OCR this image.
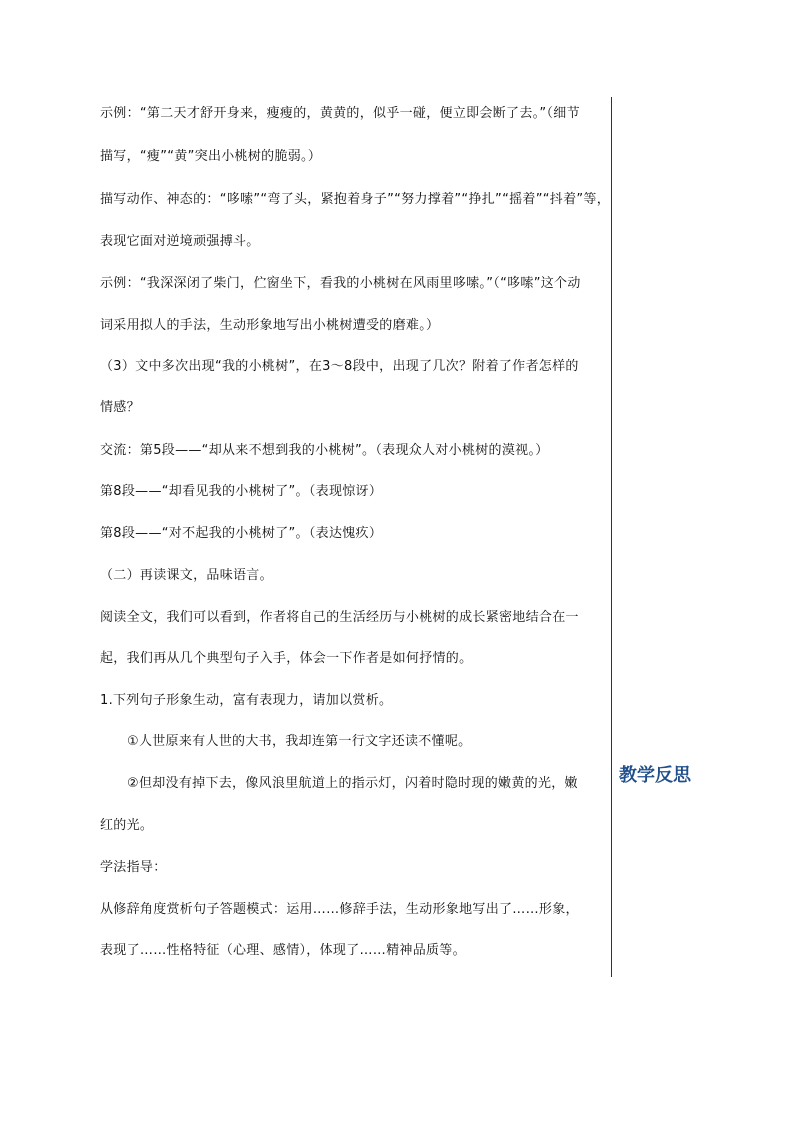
示例：“第二天才舒开身来，瘦瘦的，黄黄的，似乎一碰，便立即会断了去。”（细节
描写，“瘦”“黄”突出小桃树的脆弱。）
描写动作、神态的：“哆嗦”“弯了头，紧抱着身子”“努力撑着”“挣扎”“摇着”“抖着”等，
表现它面对逆境顽强搏斗。
示例：“我深深闭了柴门，伫窗坐下，看我的小桃树在风雨里哆嗦。”（“哆嗦”这个动
词采用拟人的手法，生动形象地写出小桃树遭受的磨难。）
（3）文中多次出现“我的小桃树”，在3～8段中，出现了几次？附着了作者怎样的
情感？
交流：第5段——“却从来不想到我的小桃树”。（表现众人对小桃树的漠视。）
第8段——“却看见我的小桃树了”。（表现惊讶）
第8段——“对不起我的小桃树了”。（表达愧疚）
（二）再读课文，品味语言。
阅读全文，我们可以看到，作者将自己的生活经历与小桃树的成长紧密地结合在一
起，我们再从几个典型句子入手，体会一下作者是如何抒情的。
1.下列句子形象生动，富有表现力，请加以赏析。
①人世原来有人世的大书，我却连第一行文字还读不懂呢。
②但却没有掉下去，像风浪里航道上的指示灯，闪着时隐时现的嫩黄的光，嫩
红的光。
学法指导：
从修辞角度赏析句子答题模式：运用……修辞手法，生动形象地写出了……形象，
表现了……性格特征（心理、感情），体现了……精神品质等。
教学反思
